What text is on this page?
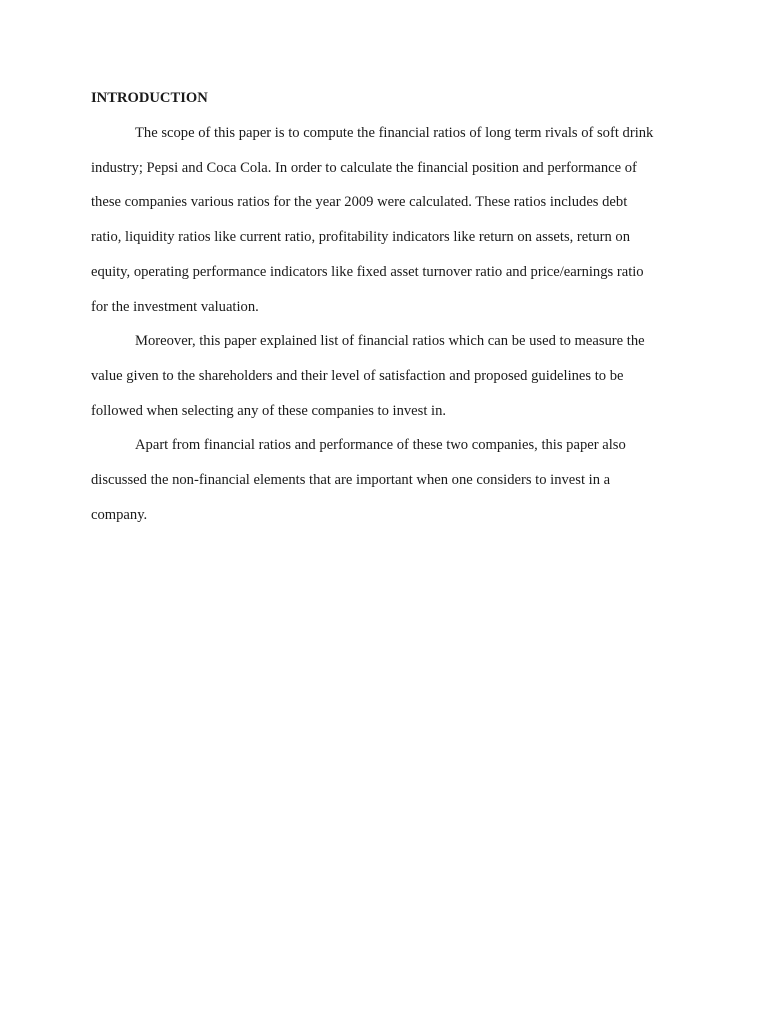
INTRODUCTION

The scope of this paper is to compute the financial ratios of long term rivals of soft drink
industry; Pepsi and Coca Cola. In order to calculate the financial position and performance of
these companies various ratios for the year 2009 were calculated. These ratios includes debt
ratio, liquidity ratios like current ratio, profitability indicators like return on assets, return on
equity, operating performance indicators like fixed asset turnover ratio and price/earnings ratio
for the investment valuation.

Moreover, this paper explained list of financial ratios which can be used to measure the
value given to the shareholders and their level of satisfaction and proposed guidelines to be
followed when selecting any of these companies to invest in.

Apart from financial ratios and performance of these two companies, this paper also
discussed the non-financial elements that are important when one considers to invest in a
company.
